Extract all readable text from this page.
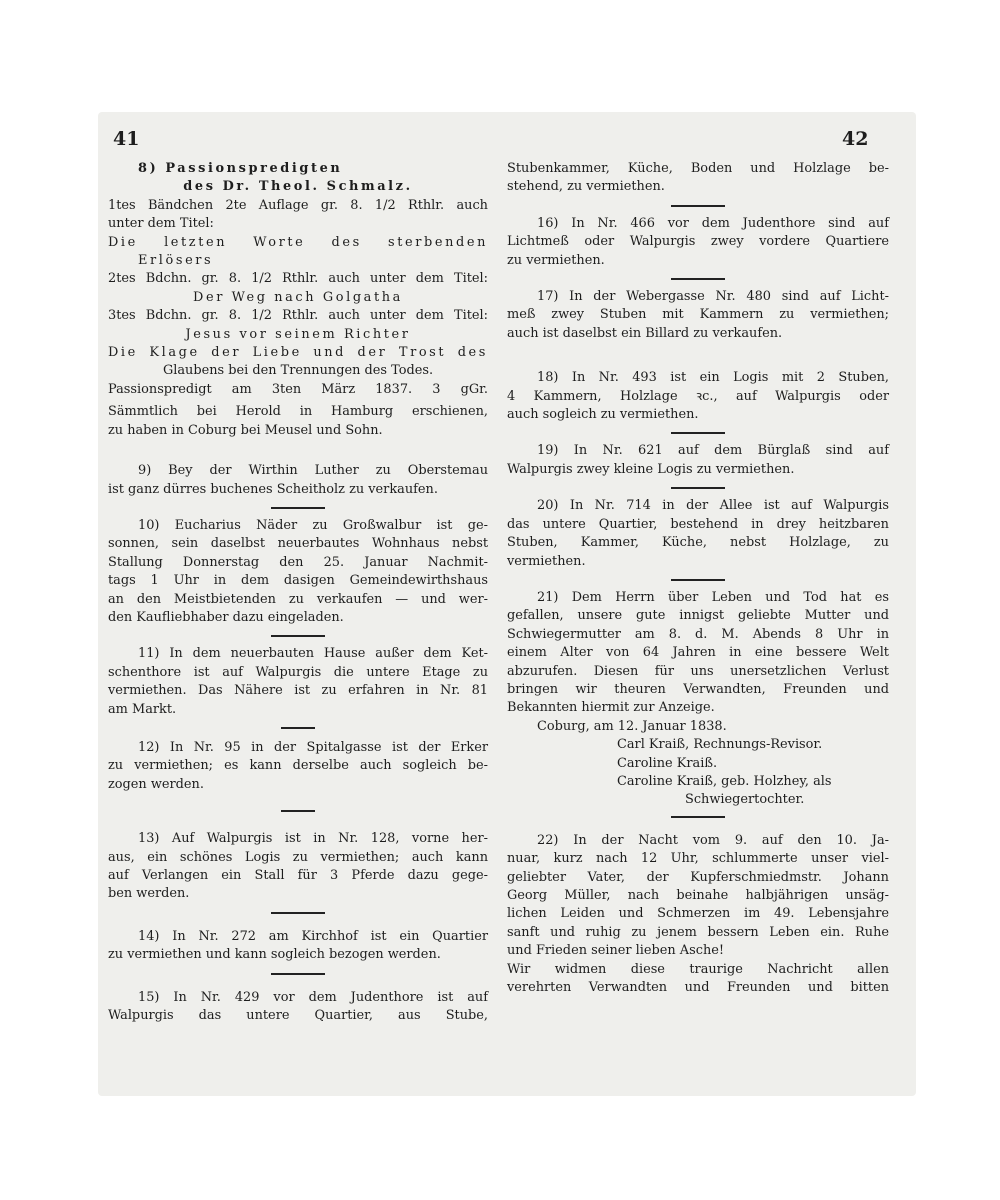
41	42

8) Passionspredigten

des Dr. Theol. Schmalz.

1tes Bändchen 2te Auflage gr. 8. 1/2 Rthlr. auch

unter dem Titel:

Die letzten Worte des sterbenden

Erlösers

2tes Bdchn. gr. 8. 1/2 Rthlr. auch unter dem Titel:

Der Weg nach Golgatha

3tes Bdchn. gr. 8. 1/2 Rthlr. auch unter dem Titel:

Jesus vor seinem Richter

Die Klage der Liebe und der Trost des

Glaubens bei den Trennungen des Todes.

Passionspredigt am 3ten März 1837. 3 gGr.

Sämmtlich bei Herold in Hamburg erschienen,

zu haben in Coburg bei Meusel und Sohn.

9) Bey der Wirthin Luther zu Oberstemau

ist ganz dürres buchenes Scheitholz zu verkaufen.

10) Eucharius Näder zu Großwalbur ist ge-

sonnen, sein daselbst neuerbautes Wohnhaus nebst

Stallung Donnerstag den 25. Januar Nachmit-

tags 1 Uhr in dem dasigen Gemeindewirthshaus

an den Meistbietenden zu verkaufen — und wer-

den Kaufliebhaber dazu eingeladen.

11) In dem neuerbauten Hause außer dem Ket-

schenthore ist auf Walpurgis die untere Etage zu

vermiethen. Das Nähere ist zu erfahren in Nr. 81

am Markt.

12) In Nr. 95 in der Spitalgasse ist der Erker

zu vermiethen; es kann derselbe auch sogleich be-

zogen werden.

13) Auf Walpurgis ist in Nr. 128, vorne her-

aus, ein schönes Logis zu vermiethen; auch kann

auf Verlangen ein Stall für 3 Pferde dazu gege-

ben werden.

14) In Nr. 272 am Kirchhof ist ein Quartier

zu vermiethen und kann sogleich bezogen werden.

15) In Nr. 429 vor dem Judenthore ist auf

Walpurgis das untere Quartier, aus Stube,

Stubenkammer, Küche, Boden und Holzlage be-

stehend, zu vermiethen.

16) In Nr. 466 vor dem Judenthore sind auf

Lichtmeß oder Walpurgis zwey vordere Quartiere

zu vermiethen.

17) In der Webergasse Nr. 480 sind auf Licht-

meß zwey Stuben mit Kammern zu vermiethen;

auch ist daselbst ein Billard zu verkaufen.

18) In Nr. 493 ist ein Logis mit 2 Stuben,

4 Kammern, Holzlage ꝛc., auf Walpurgis oder

auch sogleich zu vermiethen.

19) In Nr. 621 auf dem Bürglaß sind auf

Walpurgis zwey kleine Logis zu vermiethen.

20) In Nr. 714 in der Allee ist auf Walpurgis

das untere Quartier, bestehend in drey heitzbaren

Stuben, Kammer, Küche, nebst Holzlage, zu

vermiethen.

21) Dem Herrn über Leben und Tod hat es

gefallen, unsere gute innigst geliebte Mutter und

Schwiegermutter am 8. d. M. Abends 8 Uhr in

einem Alter von 64 Jahren in eine bessere Welt

abzurufen. Diesen für uns unersetzlichen Verlust

bringen wir theuren Verwandten, Freunden und

Bekannten hiermit zur Anzeige.

Coburg, am 12. Januar 1838.

Carl Kraiß, Rechnungs-Revisor.

Caroline Kraiß.

Caroline Kraiß, geb. Holzhey, als

Schwiegertochter.

22) In der Nacht vom 9. auf den 10. Ja-

nuar, kurz nach 12 Uhr, schlummerte unser viel-

geliebter Vater, der Kupferschmiedmstr. Johann

Georg Müller, nach beinahe halbjährigen unsäg-

lichen Leiden und Schmerzen im 49. Lebensjahre

sanft und ruhig zu jenem bessern Leben ein. Ruhe

und Frieden seiner lieben Asche!

Wir widmen diese traurige Nachricht allen

verehrten Verwandten und Freunden und bitten
